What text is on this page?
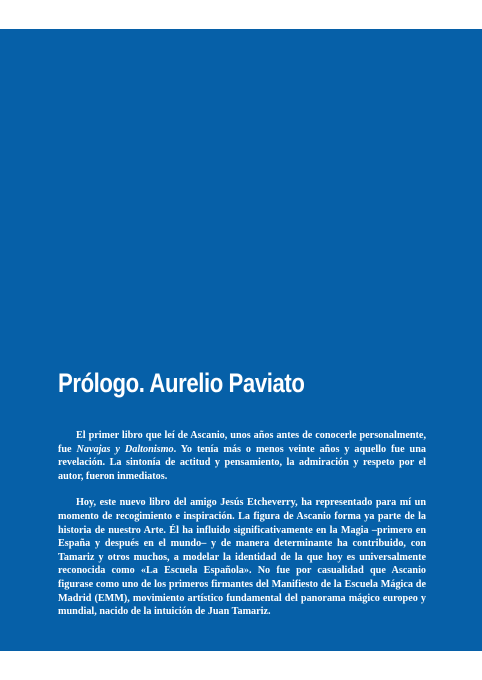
Prólogo. Aurelio Paviato

El primer libro que leí de Ascanio, unos años antes de conocerle personalmente, fue Navajas y Daltonismo. Yo tenía más o menos veinte años y aquello fue una revelación. La sintonía de actitud y pensamiento, la admiración y respeto por el autor, fueron inmediatos.

Hoy, este nuevo libro del amigo Jesús Etcheverry, ha representado para mí un momento de recogimiento e inspiración. La figura de Ascanio forma ya parte de la historia de nuestro Arte. Él ha influido significativamente en la Magia –primero en España y después en el mundo– y de manera determinante ha contribuido, con Tamariz y otros muchos, a modelar la identidad de la que hoy es universalmente reconocida como «La Escuela Española». No fue por casualidad que Ascanio figurase como uno de los primeros firmantes del Manifiesto de la Escuela Mágica de Madrid (EMM), movimiento artístico fundamental del panorama mágico europeo y mundial, nacido de la intuición de Juan Tamariz.
